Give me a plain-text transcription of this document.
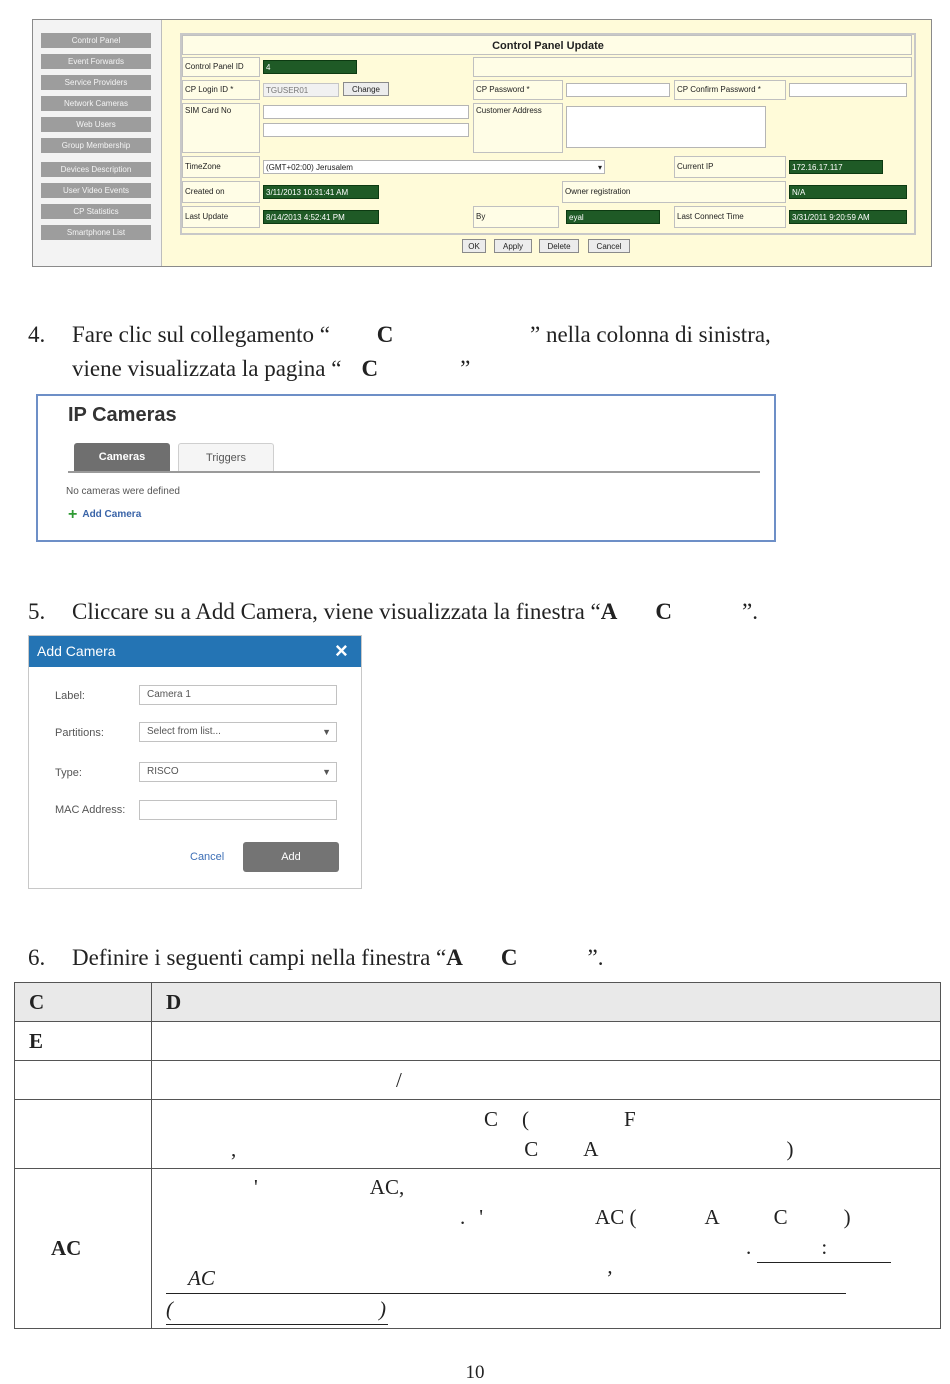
Control Panel
Event Forwards
Service Providers
Network Cameras
Web Users
Group Membership
Devices Description
User Video Events
CP Statistics
Smartphone List
Control Panel Update
Control Panel ID	4
CP Login ID *	TGUSER01	Change	CP Password *	CP Confirm Password *
SIM Card No	Customer Address
TimeZone	(GMT+02:00) Jerusalem	▾	Current IP	172.16.17.117
Created on	3/11/2013 10:31:41 AM	Owner registration	N/A
Last Update	8/14/2013 4:52:41 PM	By	eyal	Last Connect Time	3/31/2011 9:20:59 AM
OK	Apply	Delete	Cancel
4. Fare clic sul collegamento “ C	” nella colonna di sinistra,
viene visualizzata la pagina “ C	”
IP Cameras
Cameras	Triggers
No cameras were defined
+ Add Camera
5. Cliccare su a Add Camera, viene visualizzata la finestra “A C	”.
Add Camera	×
Label:	Camera 1
Partitions:	Select from list...	▼
Type:	RISCO	▼
MAC Address:
Cancel	Add
6. Definire i seguenti campi nella finestra “A C	”.
C	D
E	
	/

	C ( F
, C A )

AC	' AC,
. ' AC ( A C )
. :
AC ’
( )
10
